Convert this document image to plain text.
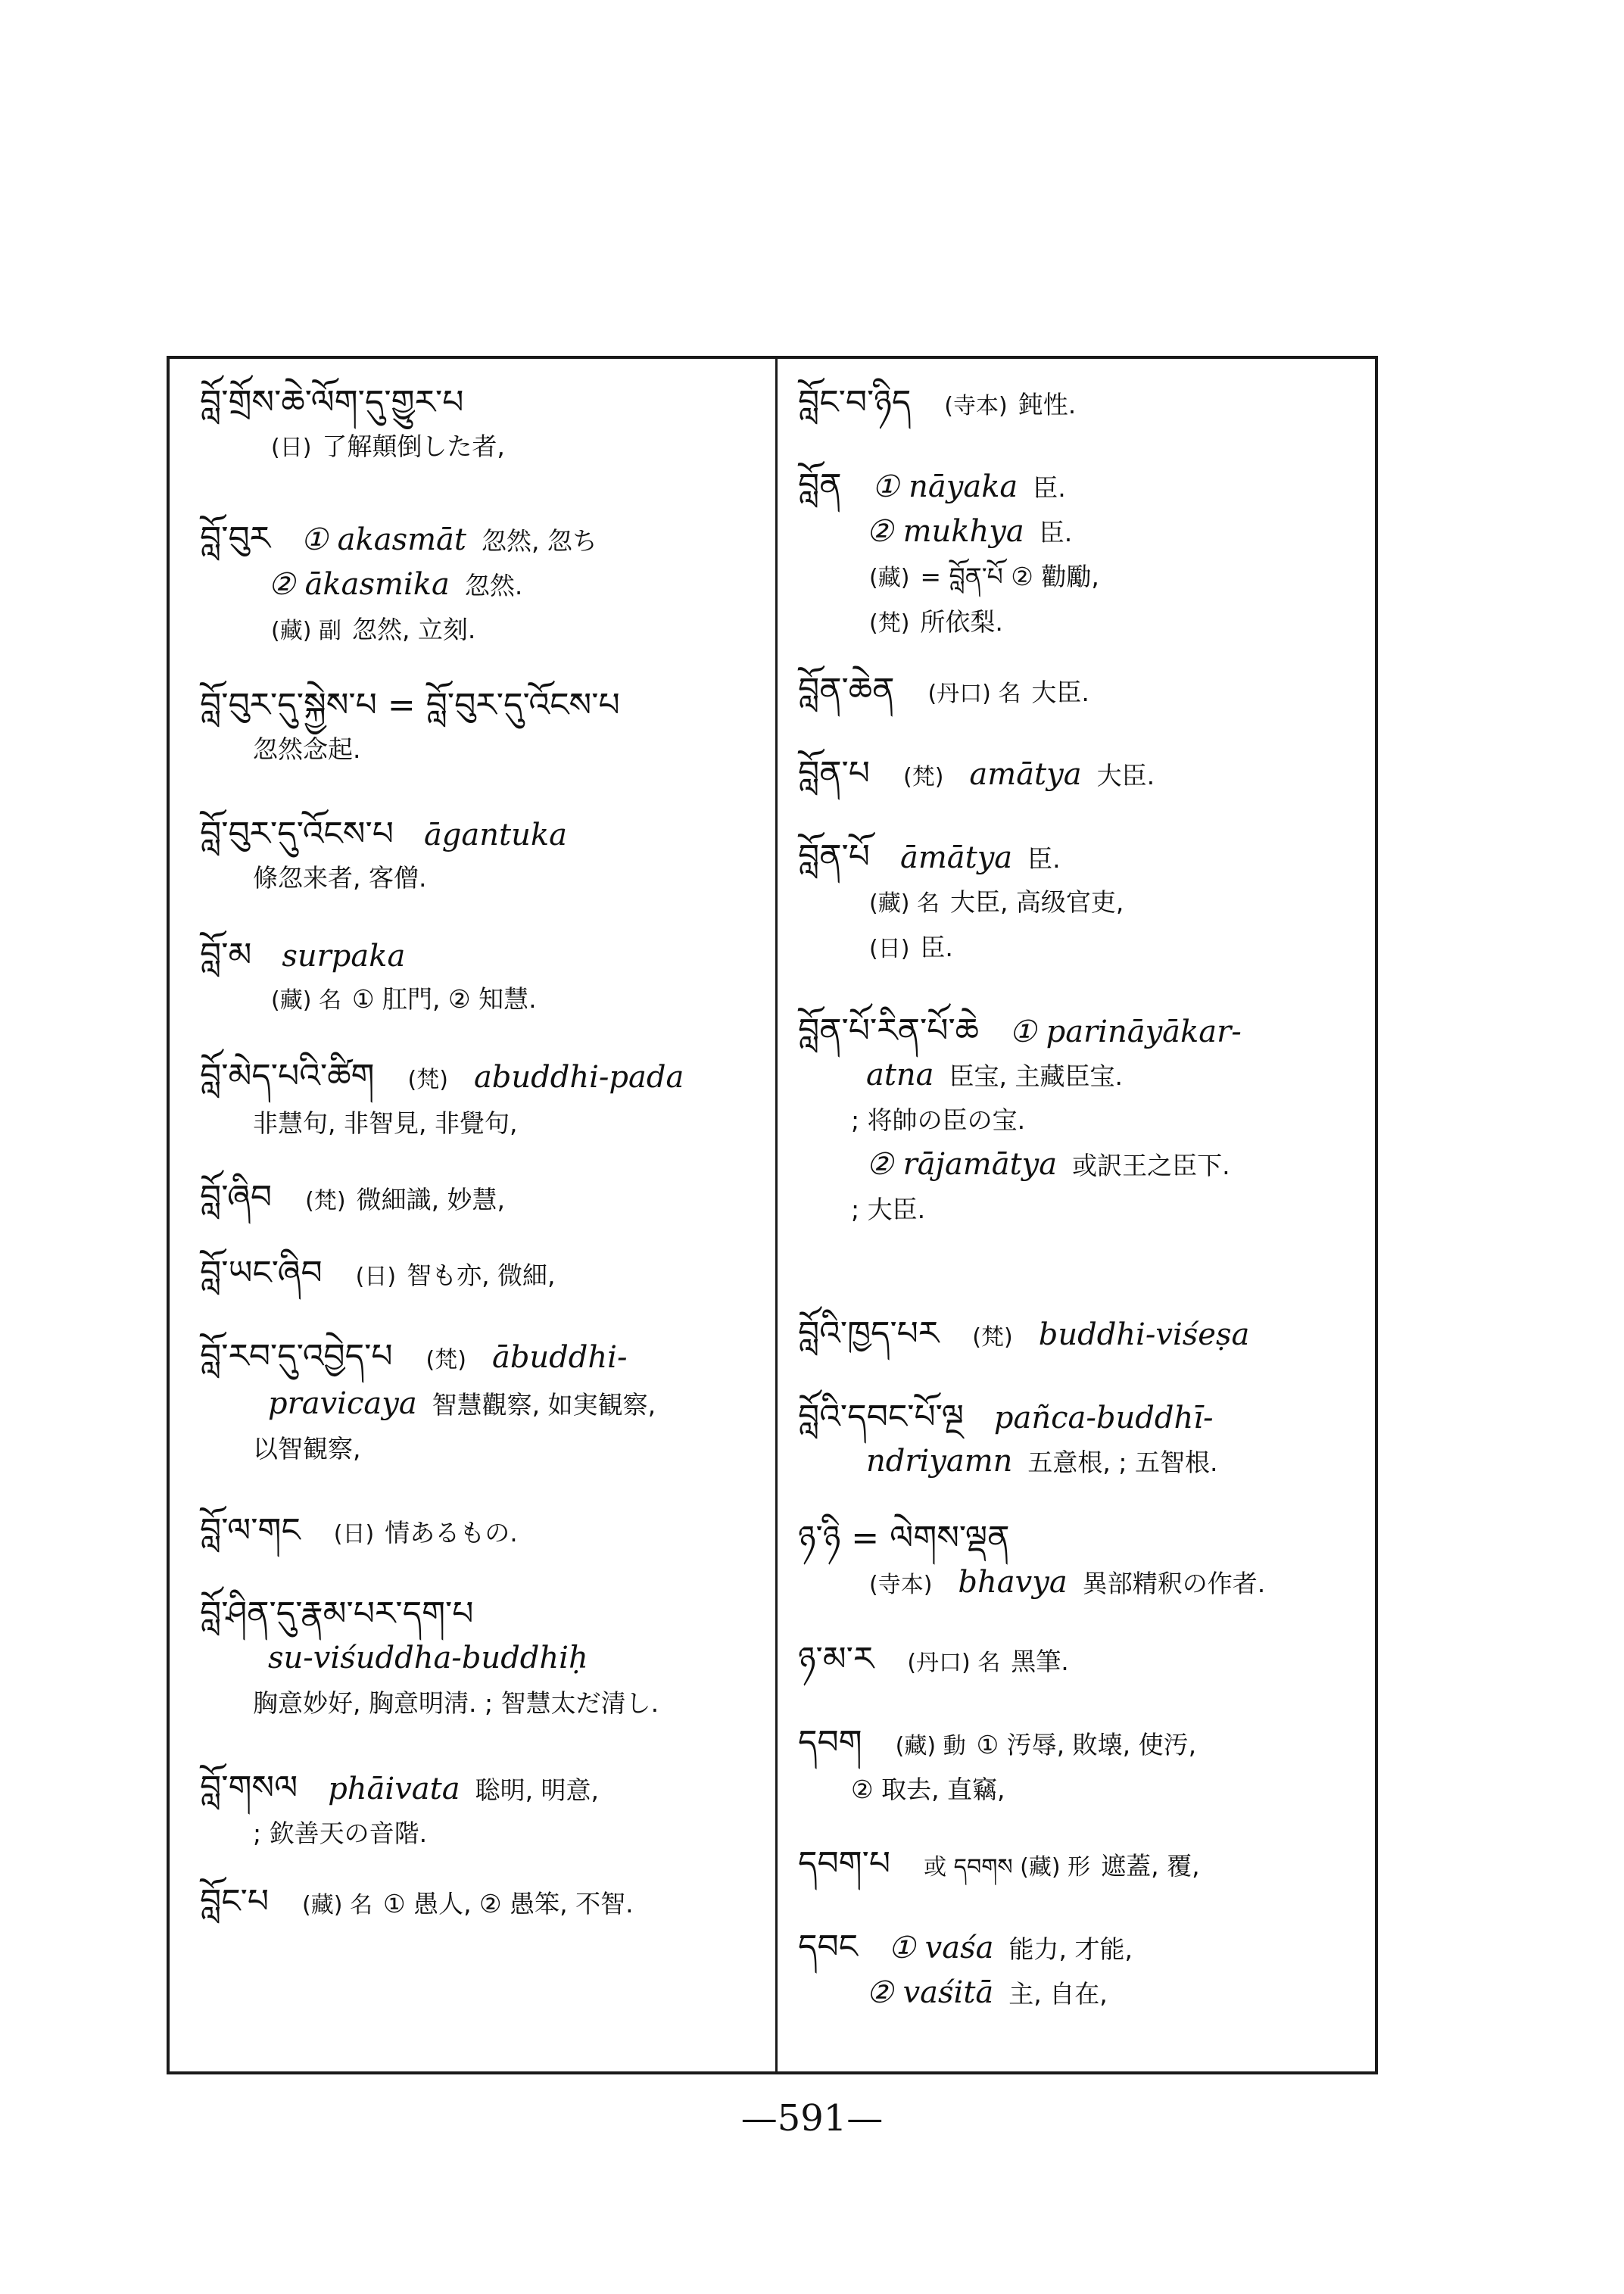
བློ་གྲོས་ཆེ་ལོག་དུ་གྱུར་པ
(日) 了解顛倒した者,
བློ་བུར ① akasmāt 忽然, 忽ち
② ākasmika 忽然.
(藏) 副 忽然, 立刻.
བློ་བུར་དུ་སྐྱེས་པ = བློ་བུར་དུ་འོངས་པ
忽然念起.
བློ་བུར་དུ་འོངས་པ āgantuka
條忽来者, 客僧.
བློ་མ surpaka
(藏) 名 ① 肛門, ② 知慧.
བློ་མེད་པའི་ཚིག (梵) abuddhi-pada
非慧句, 非智見, 非覺句,
བློ་ཞིབ (梵) 微細識, 妙慧,
བློ་ཡང་ཞིབ (日) 智も亦, 微細,
བློ་རབ་དུ་འབྱེད་པ (梵) ābuddhi-
pravicaya 智慧觀察, 如実観察,
以智観察,
བློ་ལ་གང (日) 情あるもの.
བློ་ཤིན་དུ་རྣམ་པར་དག་པ
su-viśuddha-buddhiḥ
胸意妙好, 胸意明淸. ; 智慧太だ清し.
བློ་གསལ phāivata 聡明, 明意,
; 欽善天の音階.
བློང་པ (藏) 名 ① 愚人, ② 愚笨, 不智.
བློང་བ་ཉིད (寺本) 鈍性.
བློན ① nāyaka 臣.
② mukhya 臣.
(藏) = བློན་པོ ② 勸勵,
(梵) 所依梨.
བློན་ཆེན (丹口) 名 大臣.
བློན་པ (梵) amātya 大臣.
བློན་པོ āmātya 臣.
(藏) 名 大臣, 高级官吏,
(日) 臣.
བློན་པོ་རིན་པོ་ཆེ ① parināyākar-
atna 臣宝, 主藏臣宝.
; 将帥の臣の宝.
② rājamātya 或訳王之臣下.
; 大臣.
བློའི་ཁྱད་པར (梵) buddhi-viśeṣa
བློའི་དབང་པོ་ལྔ pañca-buddhī-
ndriyamn 五意根, ; 五智根.
ཉ་ཉི = ལེགས་ལྡན
(寺本) bhavya 異部精釈の作者.
ཉ་མ་ར (丹口) 名 黑筆.
དབག (藏) 動 ① 汚辱, 敗壊, 使汚,
② 取去, 直竊,
དབག་པ 或 དབགས (藏) 形 遮蓋, 覆,
དབང ① vaśa 能力, 才能,
② vaśitā 主, 自在,
—591—
